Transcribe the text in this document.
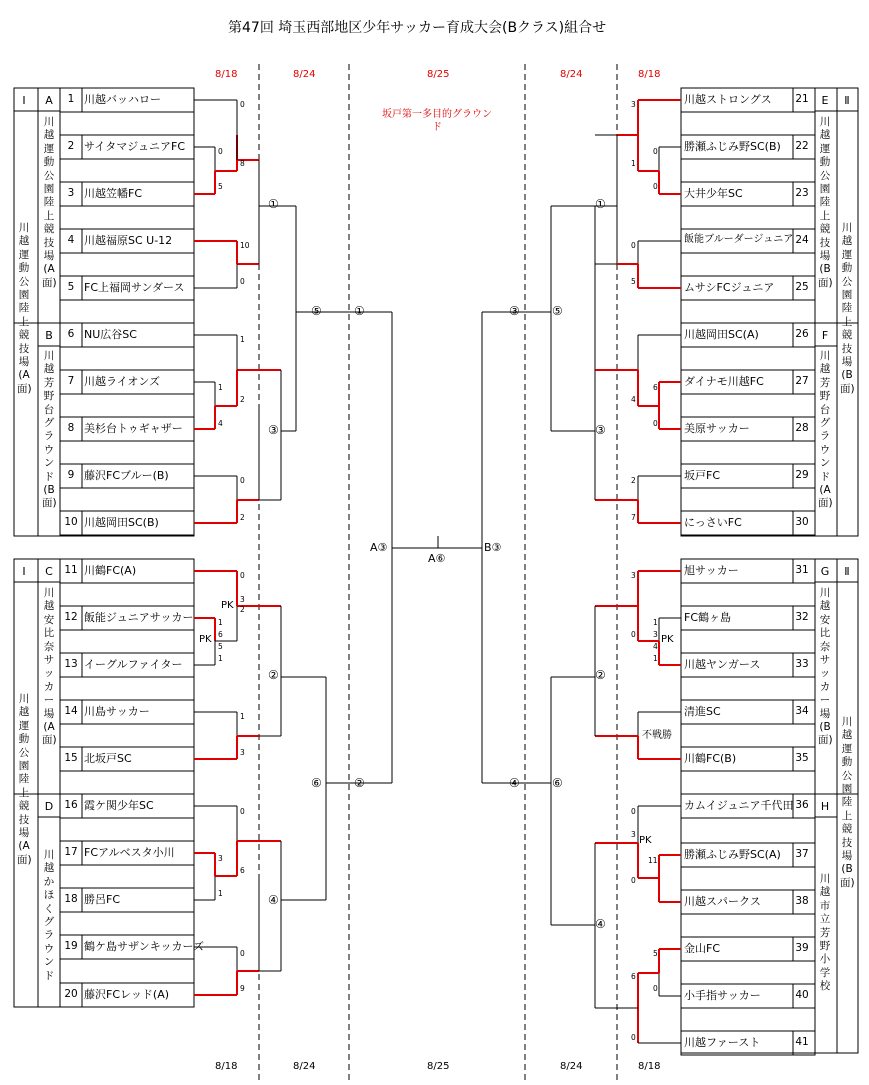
第47回 埼玉西部地区少年サッカー育成大会(Bクラス)組合せ
8/18	8/24	8/25	8/24	8/18
8/18	8/24	8/25	8/24	8/18
坂戸第一多目的グラウンド
Ⅰ
Ⅰ
Ⅱ
Ⅱ
A
B
C
D
E
F
G
H
川越運動公園陸上競技場(A面)
川越運動公園陸上競技場(A面)
川越運動公園陸上競技場(B面)
川越運動公園陸上競技場(B面)
川越運動公園陸上競技場(A面)
川越芳野台グラウンド(B面)
川越安比奈サッカー場(A面)
川越かほくグラウンド
川越運動公園陸上競技場(B面)
川越芳野台グラウンド(A面)
川越安比奈サッカー場(B面)
川越市立芳野小学校
1 川越バッハロー
2 サイタマジュニアFC
3 川越笠幡FC
4 川越福原SC U-12
5 FC上福岡サンダース
6 NU広谷SC
7 川越ライオンズ
8 美杉台トゥギャザー
9 藤沢FCブルー(B)
10 川越岡田SC(B)
11 川鶴FC(A)
12 飯能ジュニアサッカー
13 イーグルファイター
14 川島サッカー
15 北坂戸SC
16 霞ケ関少年SC
17 FCアルベスタ小川
18 勝呂FC
19 鶴ケ島サザンキッカーズ
20 藤沢FCレッド(A)
川越ストロングス	21
勝瀬ふじみ野SC(B)	22
大井少年SC	23
飯能ブルーダージュニア 24
ムサシFCジュニア	25
川越岡田SC(A)	26
ダイナモ川越FC	27
美原サッカー	28
坂戸FC	29
にっさいFC	30
旭サッカー	31
FC鶴ヶ島	32
川越ヤンガース	33
清進SC	34
川鶴FC(B)	35
カムイジュニア千代田 36
勝瀬ふじみ野SC(A)	37
川越スパークス	38
金山FC	39
小手指サッカー	40
川越ファースト	41
①
③
②
④
⑤
⑥
①
②
①
③
②
④
⑤
⑥
③
④
A③	B③
A⑥
PK
PK	PK
PK
不戦勝
0
0
8
5
10
0
1
1
2
4
0
2
0
3
2
1
6
5
1
1
3
0
3
1
6
0
9
3
0
1
0
5
0
4
6
0
2
7
3
0
1
3
4
1
0
3
11
0
5
0
6
0
